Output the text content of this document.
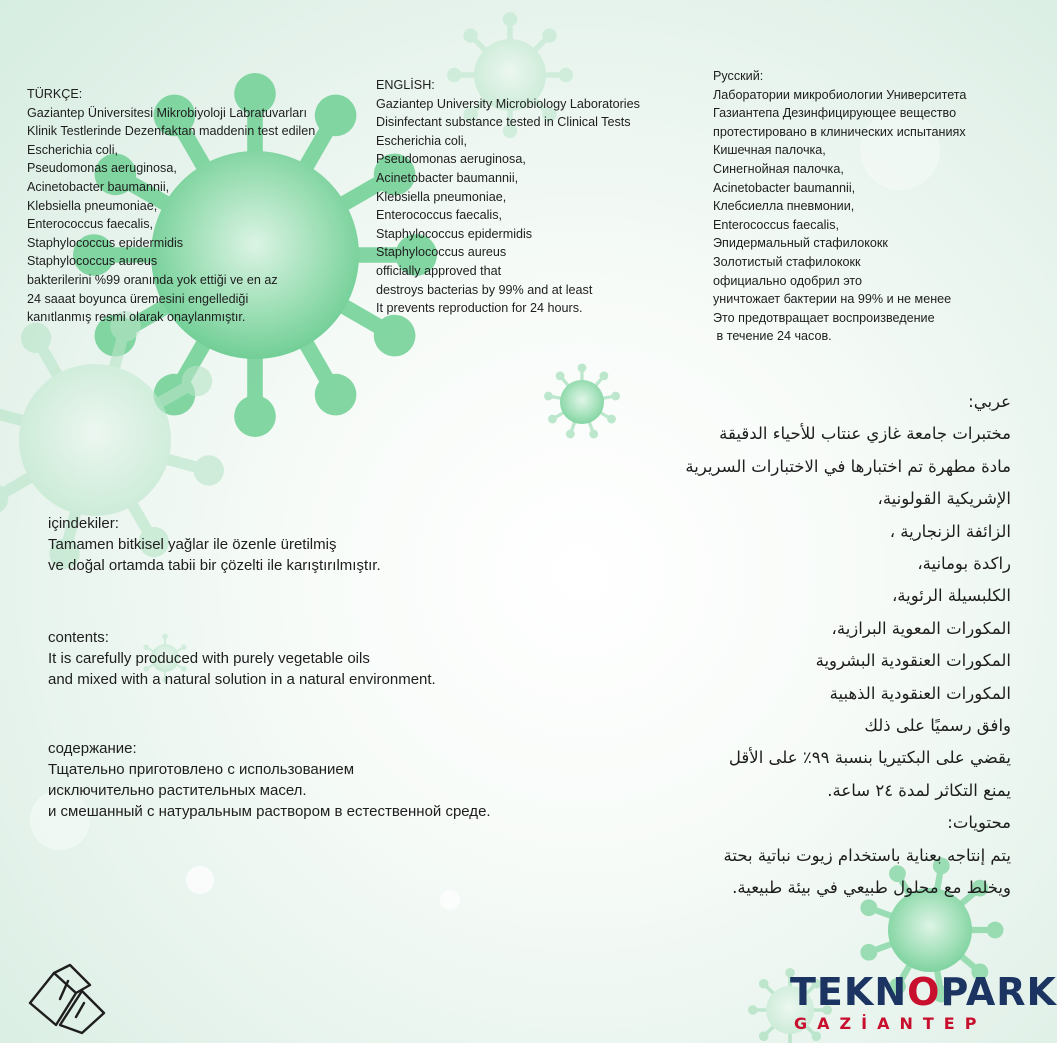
TÜRKÇE:
Gaziantep Üniversitesi Mikrobiyoloji Labratuvarları
Klinik Testlerinde Dezenfaktan maddenin test edilen
Escherichia coli,
Pseudomonas aeruginosa,
Acinetobacter baumannii,
Klebsiella pneumoniae,
Enterococcus faecalis,
Staphylococcus epidermidis
Staphylococcus aureus
bakterilerini %99 oranında yok ettiği ve en az
24 saaat boyunca üremesini engellediği
kanıtlanmış resmi olarak onaylanmıştır.
ENGLİSH:
Gaziantep University Microbiology Laboratories
Disinfectant substance tested in Clinical Tests
Escherichia coli,
Pseudomonas aeruginosa,
Acinetobacter baumannii,
Klebsiella pneumoniae,
Enterococcus faecalis,
Staphylococcus epidermidis
Staphylococcus aureus
officially approved that
destroys bacterias by 99% and at least
It prevents reproduction for 24 hours.
Русский:
Лаборатории микробиологии Университета
Газиантепа Дезинфицирующее вещество
протестировано в клинических испытаниях
Кишечная палочка,
Синегнойная палочка,
Acinetobacter baumannii,
Клебсиелла пневмонии,
Enterococcus faecalis,
Эпидермальный стафилококк
Золотистый стафилококк
официально одобрил это
уничтожает бактерии на 99% и не менее
Это предотвращает воспроизведение
в течение 24 часов.
عربي:
مختبرات جامعة غازي عنتاب للأحياء الدقيقة
مادة مطهرة تم اختبارها في الاختبارات السريرية
الإشريكية القولونية،
الزائفة الزنجارية ،
راكدة بومانية،
الكلبسيلة الرئوية،
المكورات المعوية البرازية،
المكورات العنقودية البشروية
المكورات العنقودية الذهبية
وافق رسميًا على ذلك
يقضي على البكتيريا بنسبة ٩٩٪ على الأقل
يمنع التكاثر لمدة ٢٤ ساعة.
محتويات:
يتم إنتاجه بعناية باستخدام زيوت نباتية بحتة
ويخلط مع محلول طبيعي في بيئة طبيعية.
içindekiler:
Tamamen bitkisel yağlar ile özenle üretilmiş
ve doğal ortamda tabii bir çözelti ile karıştırılmıştır.
contents:
It is carefully produced with purely vegetable oils
and mixed with a natural solution in a natural environment.
содержание:
Тщательно приготовлено с использованием
исключительно растительных масел.
и смешанный с натуральным раствором в естественной среде.
TEKNOPARK
GAZİANTEP
